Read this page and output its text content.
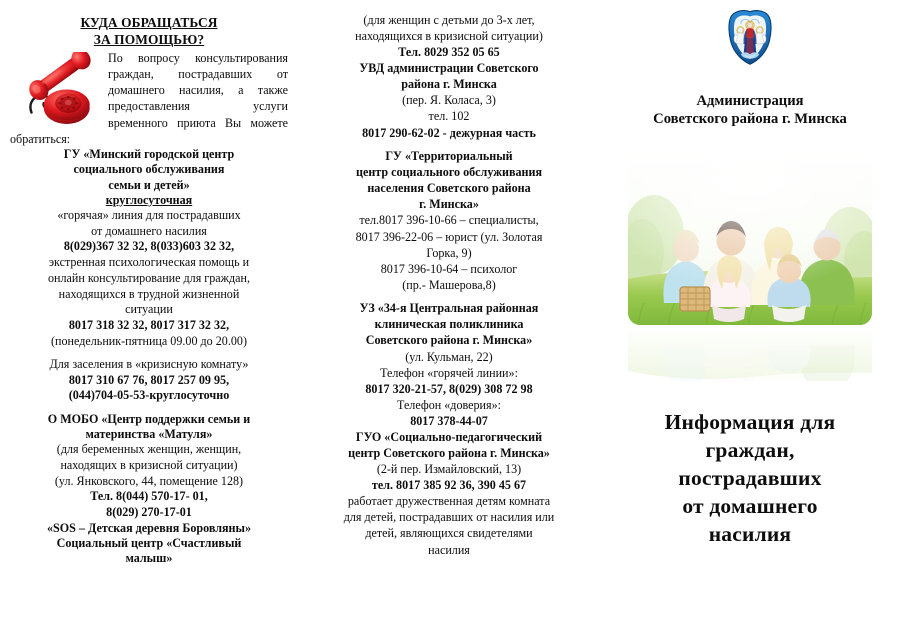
КУДА ОБРАЩАТЬСЯ
ЗА ПОМОЩЬЮ?
По вопросу консультирования граждан, пострадавших от домашнего насилия, а также предоставления услуги временного приюта Вы можете обратиться:
ГУ «Минский городской центр
социального обслуживания
семьи и детей»
круглосуточная
«горячая» линия для пострадавших
от домашнего насилия
8(029)367 32 32, 8(033)603 32 32,
экстренная психологическая помощь и
онлайн консультирование для граждан,
находящихся в трудной жизненной
ситуации
8017 318 32 32, 8017 317 32 32,
(понедельник-пятница 09.00 до 20.00)
Для заселения в «кризисную комнату»
8017 310 67 76, 8017 257 09 95,
(044)704-05-53-круглосуточно
О МОБО «Центр поддержки семьи и
материнства «Матуля»
(для беременных женщин, женщин,
находящих в кризисной ситуации)
(ул. Янковского, 44, помещение 128)
Тел. 8(044) 570-17- 01,
8(029) 270-17-01
«SOS – Детская деревня Боровляны»
Социальный центр «Счастливый
малыш»
(для женщин с детьми до 3-х лет,
находящихся в кризисной ситуации)
Тел. 8029 352 05 65
УВД администрации Советского
района г. Минска
(пер. Я. Коласа, 3)
тел. 102
8017 290-62-02 - дежурная часть
ГУ «Территориальный
центр социального обслуживания
населения Советского района
г. Минска»
тел.8017 396-10-66 – специалисты,
8017 396-22-06 – юрист (ул. Золотая
Горка, 9)
8017 396-10-64 – психолог
(пр.- Машерова,8)
УЗ «34-я Центральная районная
клиническая поликлиника
Советского района г. Минска»
(ул. Кульман, 22)
Телефон «горячей линии»:
8017 320-21-57, 8(029) 308 72 98
Телефон «доверия»:
8017 378-44-07
ГУО «Социально-педагогический
центр Советского района г. Минска»
(2-й пер. Измайловский, 13)
тел. 8017 385 92 36, 390 45 67
работает дружественная детям комната
для детей, пострадавших от насилия или
детей, являющихся свидетелями
насилия
Администрация
Советского района г. Минска
Информация для
граждан,
пострадавших
от домашнего
насилия
